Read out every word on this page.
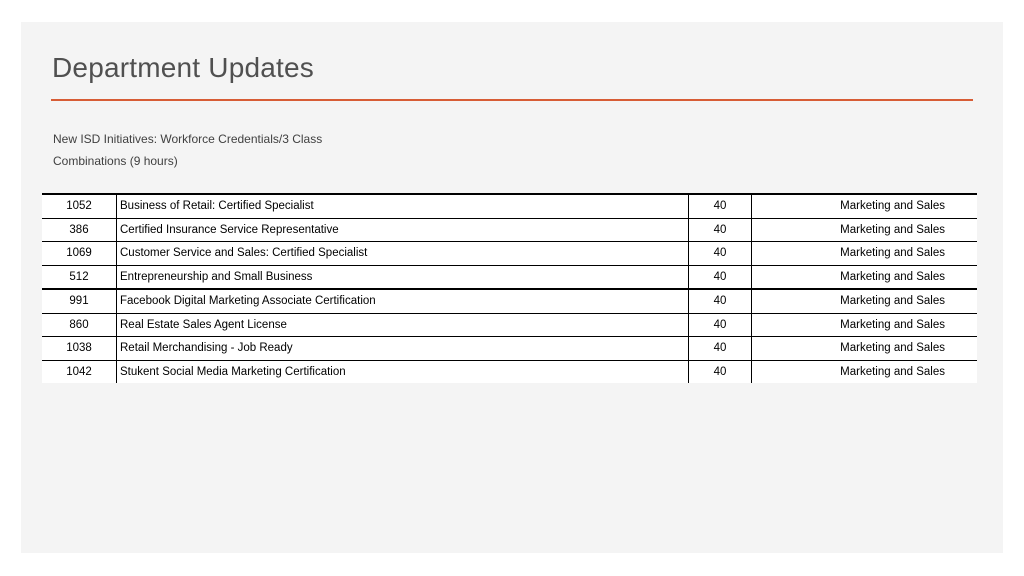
Department Updates
New ISD Initiatives: Workforce Credentials/3 Class
Combinations (9 hours)
1052	Business of Retail: Certified Specialist	40	Marketing and Sales
386	Certified Insurance Service Representative	40	Marketing and Sales
1069	Customer Service and Sales: Certified Specialist	40	Marketing and Sales
512	Entrepreneurship and Small Business	40	Marketing and Sales
991	Facebook Digital Marketing Associate Certification	40	Marketing and Sales
860	Real Estate Sales Agent License	40	Marketing and Sales
1038	Retail Merchandising - Job Ready	40	Marketing and Sales
1042	Stukent Social Media Marketing Certification	40	Marketing and Sales
